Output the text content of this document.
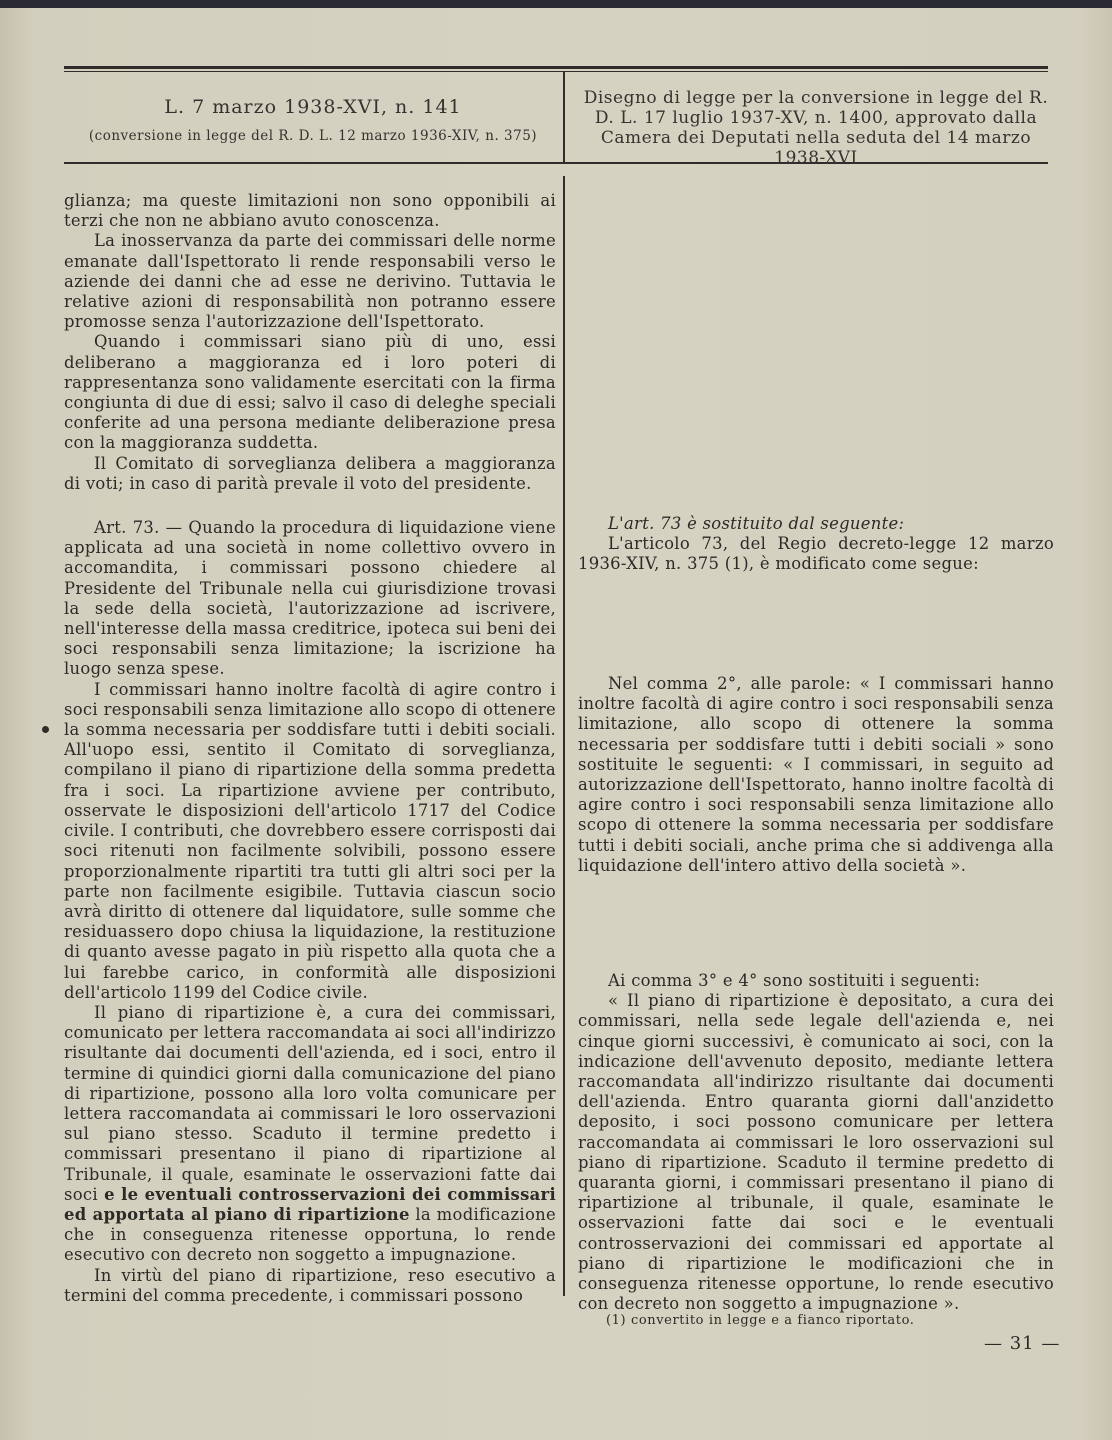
L. 7 marzo 1938-XVI, n. 141
(conversione in legge del R. D. L. 12 marzo 1936-XIV, n. 375)
Disegno di legge per la conversione in legge del R. D. L. 17 luglio 1937-XV, n. 1400, approvato dalla Camera dei Deputati nella seduta del 14 marzo 1938-XVI

glianza; ma queste limitazioni non sono opponibili ai terzi che non ne abbiano avuto conoscenza.

La inosservanza da parte dei commissari delle norme emanate dall'Ispettorato li rende responsabili verso le aziende dei danni che ad esse ne derivino. Tuttavia le relative azioni di responsabilità non potranno essere promosse senza l'autorizzazione dell'Ispettorato.

Quando i commissari siano più di uno, essi deliberano a maggioranza ed i loro poteri di rappresentanza sono validamente esercitati con la firma congiunta di due di essi; salvo il caso di deleghe speciali conferite ad una persona mediante deliberazione presa con la maggioranza suddetta.

Il Comitato di sorveglianza delibera a maggioranza di voti; in caso di parità prevale il voto del presidente.

Art. 73. — Quando la procedura di liquidazione viene applicata ad una società in nome collettivo ovvero in accomandita, i commissari possono chiedere al Presidente del Tribunale nella cui giurisdizione trovasi la sede della società, l'autorizzazione ad iscrivere, nell'interesse della massa creditrice, ipoteca sui beni dei soci responsabili senza limitazione; la iscrizione ha luogo senza spese.

I commissari hanno inoltre facoltà di agire contro i soci responsabili senza limitazione allo scopo di ottenere la somma necessaria per soddisfare tutti i debiti sociali. All'uopo essi, sentito il Comitato di sorveglianza, compilano il piano di ripartizione della somma predetta fra i soci. La ripartizione avviene per contributo, osservate le disposizioni dell'articolo 1717 del Codice civile. I contributi, che dovrebbero essere corrisposti dai soci ritenuti non facilmente solvibili, possono essere proporzionalmente ripartiti tra tutti gli altri soci per la parte non facilmente esigibile. Tuttavia ciascun socio avrà diritto di ottenere dal liquidatore, sulle somme che residuassero dopo chiusa la liquidazione, la restituzione di quanto avesse pagato in più rispetto alla quota che a lui farebbe carico, in conformità alle disposizioni dell'articolo 1199 del Codice civile.

Il piano di ripartizione è, a cura dei commissari, comunicato per lettera raccomandata ai soci all'indirizzo risultante dai documenti dell'azienda, ed i soci, entro il termine di quindici giorni dalla comunicazione del piano di ripartizione, possono alla loro volta comunicare per lettera raccomandata ai commissari le loro osservazioni sul piano stesso. Scaduto il termine predetto i commissari presentano il piano di ripartizione al Tribunale, il quale, esaminate le osservazioni fatte dai soci e le eventuali controsservazioni dei commissari ed apportata al piano di ripartizione la modificazione che in conseguenza ritenesse opportuna, lo rende esecutivo con decreto non soggetto a impugnazione.

In virtù del piano di ripartizione, reso esecutivo a termini del comma precedente, i commissari possono

L'art. 73 è sostituito dal seguente:

L'articolo 73, del Regio decreto-legge 12 marzo 1936-XIV, n. 375 (1), è modificato come segue:

Nel comma 2°, alle parole: « I commissari hanno inoltre facoltà di agire contro i soci responsabili senza limitazione, allo scopo di ottenere la somma necessaria per soddisfare tutti i debiti sociali » sono sostituite le seguenti: « I commissari, in seguito ad autorizzazione dell'Ispettorato, hanno inoltre facoltà di agire contro i soci responsabili senza limitazione allo scopo di ottenere la somma necessaria per soddisfare tutti i debiti sociali, anche prima che si addivenga alla liquidazione dell'intero attivo della società ».

Ai comma 3° e 4° sono sostituiti i seguenti:

« Il piano di ripartizione è depositato, a cura dei commissari, nella sede legale dell'azienda e, nei cinque giorni successivi, è comunicato ai soci, con la indicazione dell'avvenuto deposito, mediante lettera raccomandata all'indirizzo risultante dai documenti dell'azienda. Entro quaranta giorni dall'anzidetto deposito, i soci possono comunicare per lettera raccomandata ai commissari le loro osservazioni sul piano di ripartizione. Scaduto il termine predetto di quaranta giorni, i commissari presentano il piano di ripartizione al tribunale, il quale, esaminate le osservazioni fatte dai soci e le eventuali controsservazioni dei commissari ed apportate al piano di ripartizione le modificazioni che in conseguenza ritenesse opportune, lo rende esecutivo con decreto non soggetto a impugnazione ».

(1) convertito in legge e a fianco riportato.
— 31 —
